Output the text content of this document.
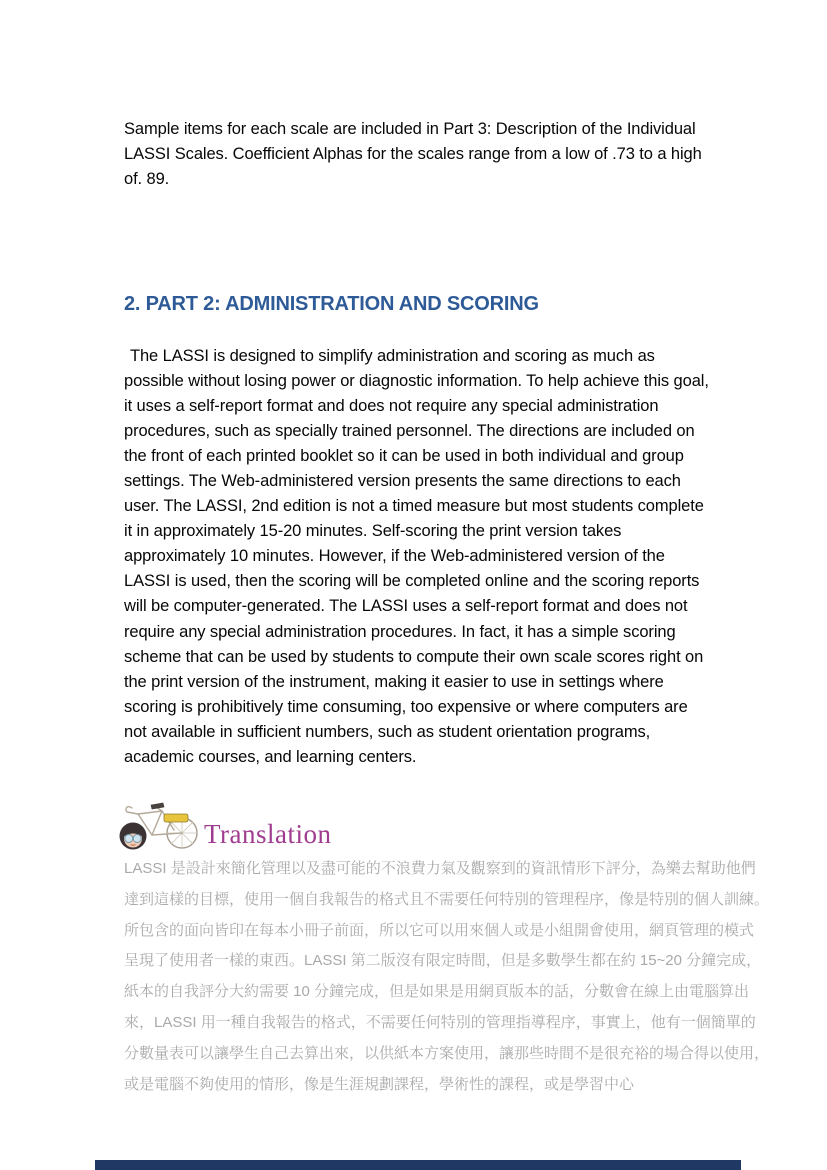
Sample items for each scale are included in Part 3: Description of the Individual LASSI Scales. Coefficient Alphas for the scales range from a low of .73 to a high of. 89.

2. PART 2: ADMINISTRATION AND SCORING

The LASSI is designed to simplify administration and scoring as much as possible without losing power or diagnostic information. To help achieve this goal, it uses a self-report format and does not require any special administration procedures, such as specially trained personnel. The directions are included on the front of each printed booklet so it can be used in both individual and group settings. The Web-administered version presents the same directions to each user. The LASSI, 2nd edition is not a timed measure but most students complete it in approximately 15-20 minutes. Self-scoring the print version takes approximately 10 minutes. However, if the Web-administered version of the LASSI is used, then the scoring will be completed online and the scoring reports will be computer-generated. The LASSI uses a self-report format and does not require any special administration procedures. In fact, it has a simple scoring scheme that can be used by students to compute their own scale scores right on the print version of the instrument, making it easier to use in settings where scoring is prohibitively time consuming, too expensive or where computers are not available in sufficient numbers, such as student orientation programs, academic courses, and learning centers.

Translation
LASSI 是設計來簡化管理以及盡可能的不浪費力氣及觀察到的資訊情形下評分，為樂去幫助他們
達到這樣的目標，使用一個自我報告的格式且不需要任何特別的管理程序，像是特別的個人訓練。
所包含的面向皆印在每本小冊子前面，所以它可以用來個人或是小組開會使用，網頁管理的模式
呈現了使用者一樣的東西。LASSI 第二版沒有限定時間，但是多數學生都在約 15~20 分鐘完成，
紙本的自我評分大約需要 10 分鐘完成，但是如果是用網頁版本的話，分數會在線上由電腦算出
來，LASSI 用一種自我報告的格式，不需要任何特別的管理指導程序，事實上，他有一個簡單的
分數量表可以讓學生自己去算出來，以供紙本方案使用，讓那些時間不是很充裕的場合得以使用，
或是電腦不夠使用的情形，像是生涯規劃課程，學術性的課程，或是學習中心
